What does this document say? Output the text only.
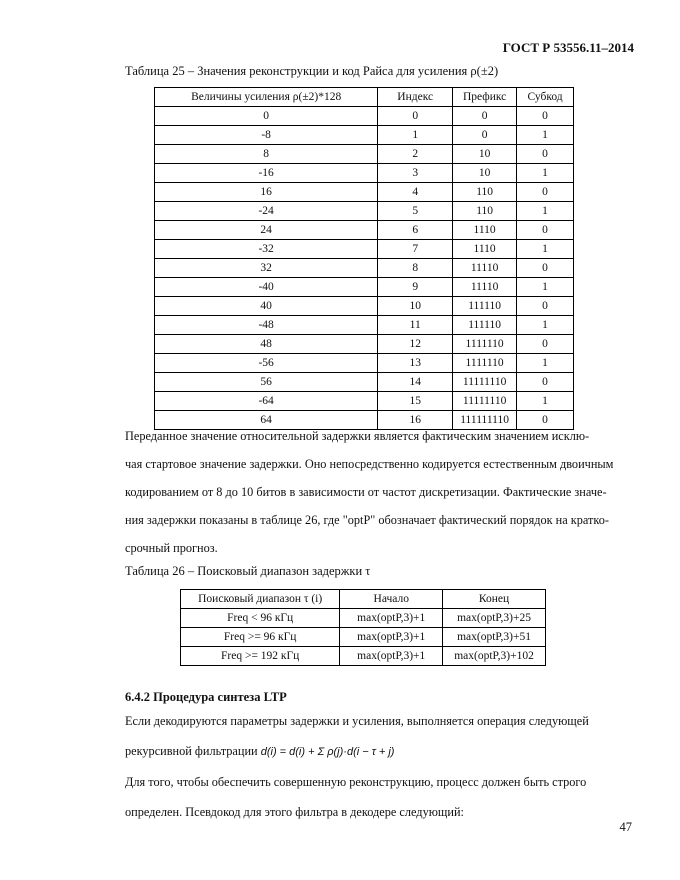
ГОСТ Р 53556.11–2014
Таблица 25 – Значения реконструкции и код Райса для усиления ρ(±2)
Величины усиления ρ(±2)*128	Индекс	Префикс	Субкод
0	0	0	0
-8	1	0	1
8	2	10	0
-16	3	10	1
16	4	110	0
-24	5	110	1
24	6	1110	0
-32	7	1110	1
32	8	11110	0
-40	9	11110	1
40	10	111110	0
-48	11	111110	1
48	12	1111110	0
-56	13	1111110	1
56	14	11111110	0
-64	15	11111110	1
64	16	111111110	0
Переданное значение относительной задержки является фактическим значением исклю-
чая стартовое значение задержки. Оно непосредственно кодируется естественным двоичным
кодированием от 8 до 10 битов в зависимости от частот дискретизации. Фактические значе-
ния задержки показаны в таблице 26, где "optP" обозначает фактический порядок на кратко-
срочный прогноз.
Таблица 26 – Поисковый диапазон задержки τ
Поисковый диапазон τ (i)	Начало	Конец
Freq < 96 кГц	max(optP,3)+1	max(optP,3)+25
Freq >= 96 кГц	max(optP,3)+1	max(optP,3)+51
Freq >= 192 кГц	max(optP,3)+1	max(optP,3)+102
6.4.2 Процедура синтеза LTP
Если декодируются параметры задержки и усиления, выполняется операция следующей
рекурсивной фильтрации d(i) = d(i) + Σ ρ(j)·d(i − τ + j)
Для того, чтобы обеспечить совершенную реконструкцию, процесс должен быть строго
определен. Псевдокод для этого фильтра в декодере следующий:
47
